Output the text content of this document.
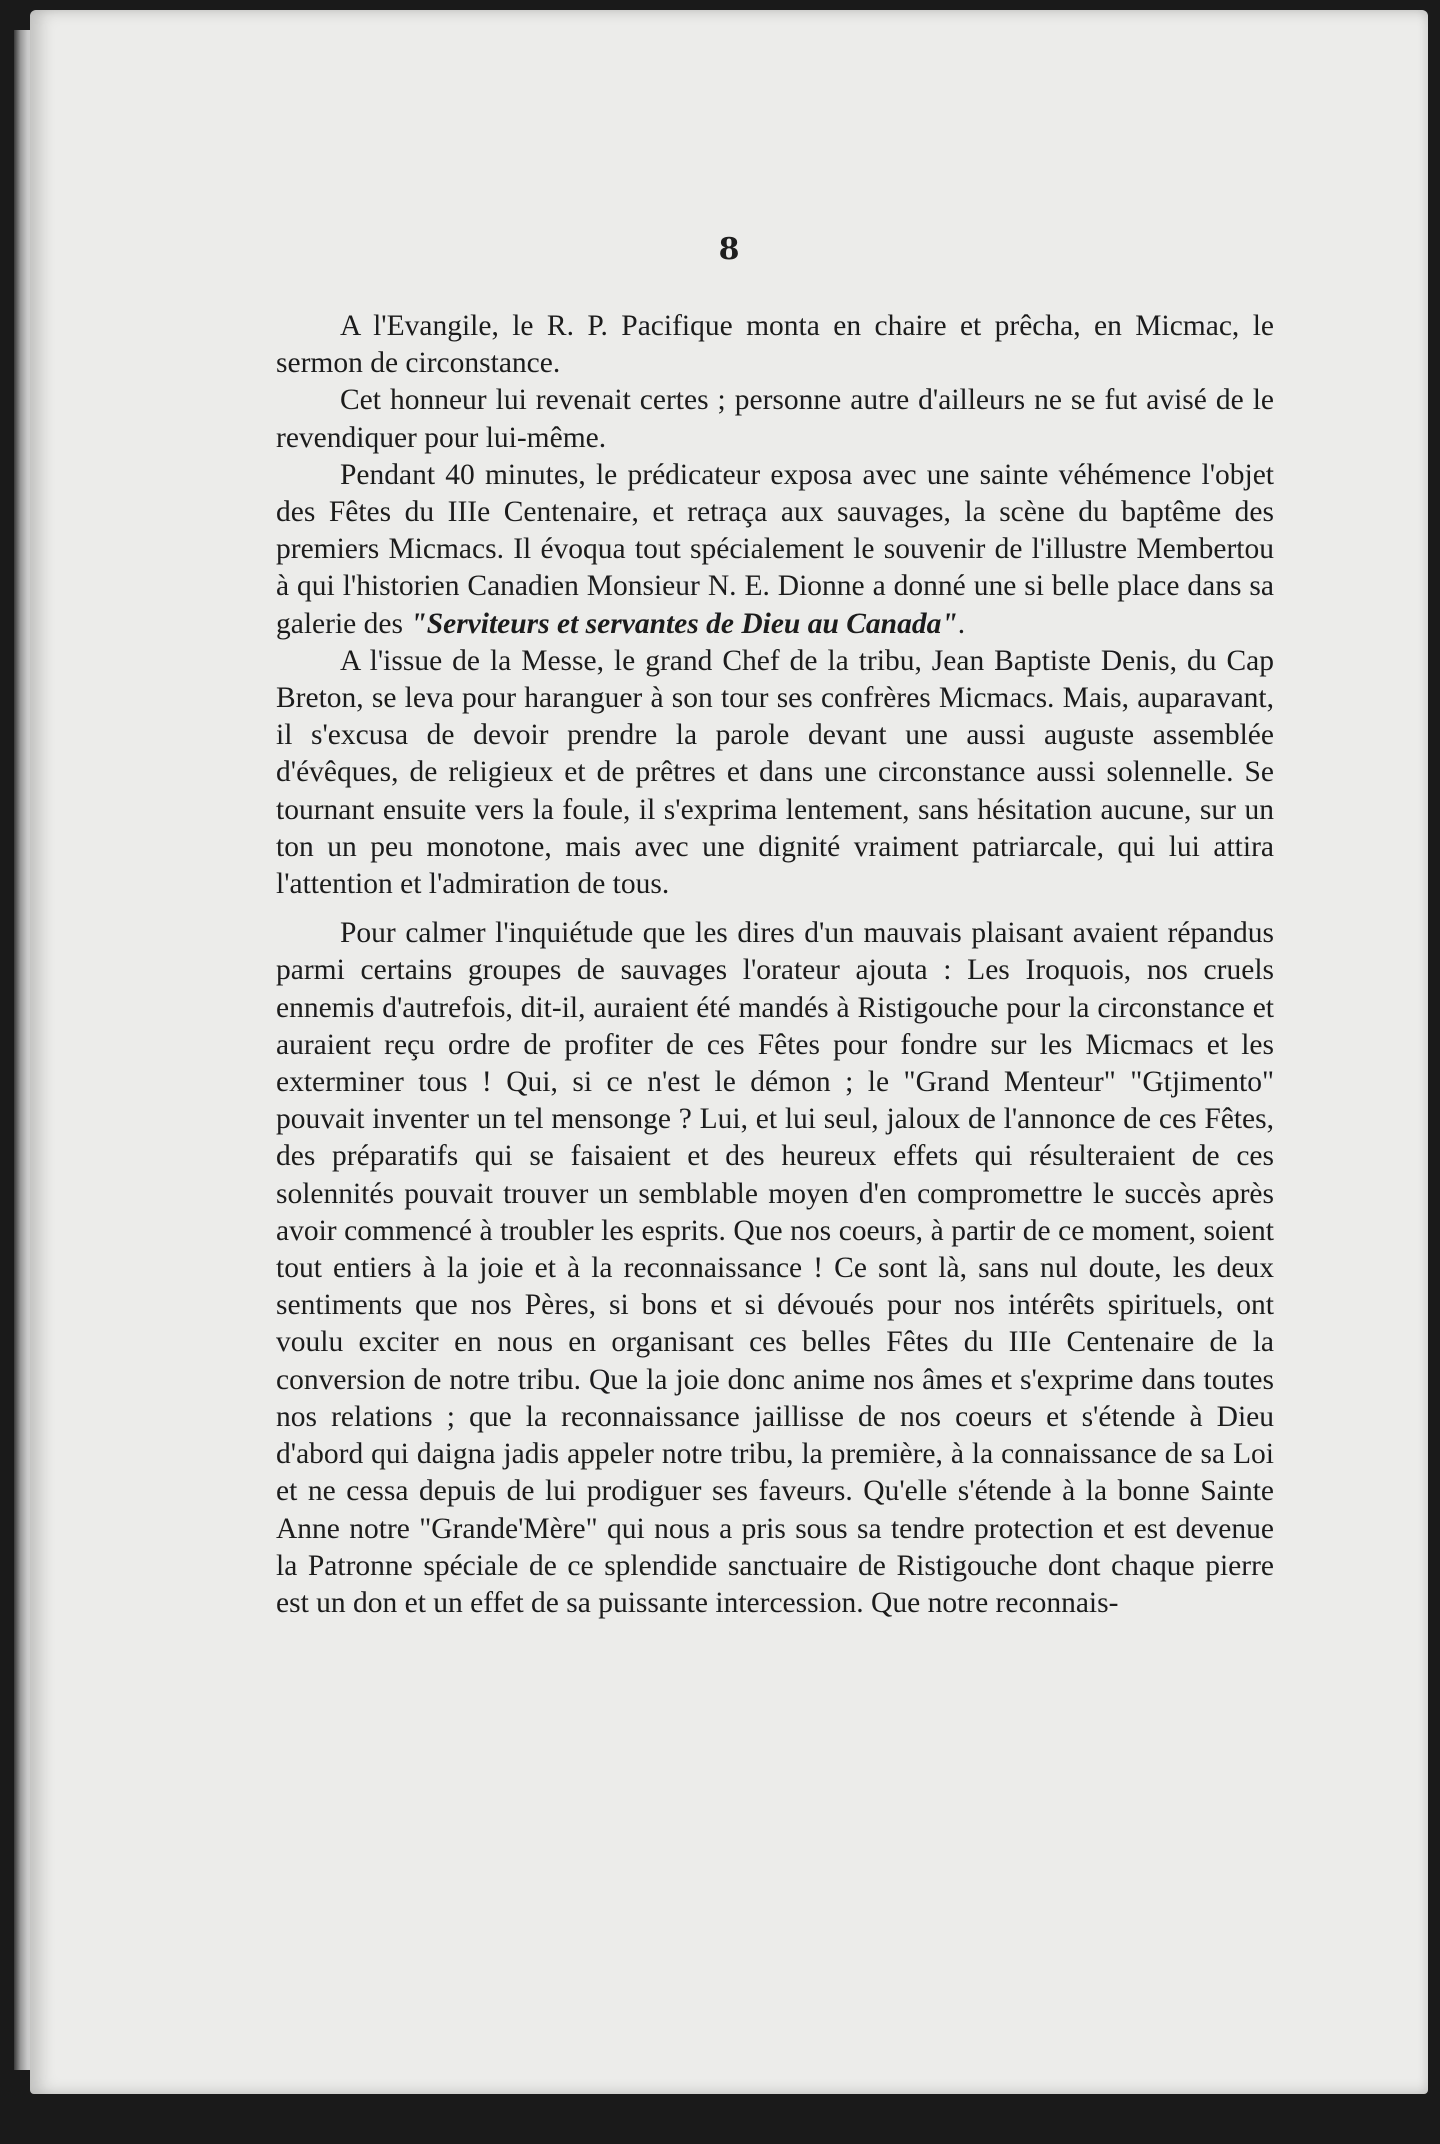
8

A l'Evangile, le R. P. Pacifique monta en chaire et prêcha, en Micmac, le sermon de circonstance.

Cet honneur lui revenait certes ; personne autre d'ailleurs ne se fut avisé de le revendiquer pour lui-même.

Pendant 40 minutes, le prédicateur exposa avec une sainte véhémence l'objet des Fêtes du IIIe Centenaire, et retraça aux sauvages, la scène du baptême des premiers Micmacs. Il évoqua tout spécialement le souvenir de l'illustre Membertou à qui l'historien Canadien Monsieur N. E. Dionne a donné une si belle place dans sa galerie des "Serviteurs et servantes de Dieu au Canada".

A l'issue de la Messe, le grand Chef de la tribu, Jean Baptiste Denis, du Cap Breton, se leva pour haranguer à son tour ses confrères Micmacs. Mais, auparavant, il s'excusa de devoir prendre la parole devant une aussi auguste assemblée d'évêques, de religieux et de prêtres et dans une circonstance aussi solennelle. Se tournant ensuite vers la foule, il s'exprima lentement, sans hésitation aucune, sur un ton un peu monotone, mais avec une dignité vraiment patriarcale, qui lui attira l'attention et l'admiration de tous.

Pour calmer l'inquiétude que les dires d'un mauvais plaisant avaient répandus parmi certains groupes de sauvages l'orateur ajouta : Les Iroquois, nos cruels ennemis d'autrefois, dit-il, auraient été mandés à Ristigouche pour la circonstance et auraient reçu ordre de profiter de ces Fêtes pour fondre sur les Micmacs et les exterminer tous ! Qui, si ce n'est le démon ; le "Grand Menteur" "Gtjimento" pouvait inventer un tel mensonge ? Lui, et lui seul, jaloux de l'annonce de ces Fêtes, des préparatifs qui se faisaient et des heureux effets qui résulteraient de ces solennités pouvait trouver un semblable moyen d'en compromettre le succès après avoir commencé à troubler les esprits. Que nos coeurs, à partir de ce moment, soient tout entiers à la joie et à la reconnaissance ! Ce sont là, sans nul doute, les deux sentiments que nos Pères, si bons et si dévoués pour nos intérêts spirituels, ont voulu exciter en nous en organisant ces belles Fêtes du IIIe Centenaire de la conversion de notre tribu. Que la joie donc anime nos âmes et s'exprime dans toutes nos relations ; que la reconnaissance jaillisse de nos coeurs et s'étende à Dieu d'abord qui daigna jadis appeler notre tribu, la première, à la connaissance de sa Loi et ne cessa depuis de lui prodiguer ses faveurs. Qu'elle s'étende à la bonne Sainte Anne notre "Grande'Mère" qui nous a pris sous sa tendre protection et est devenue la Patronne spéciale de ce splendide sanctuaire de Ristigouche dont chaque pierre est un don et un effet de sa puissante intercession. Que notre reconnais-
